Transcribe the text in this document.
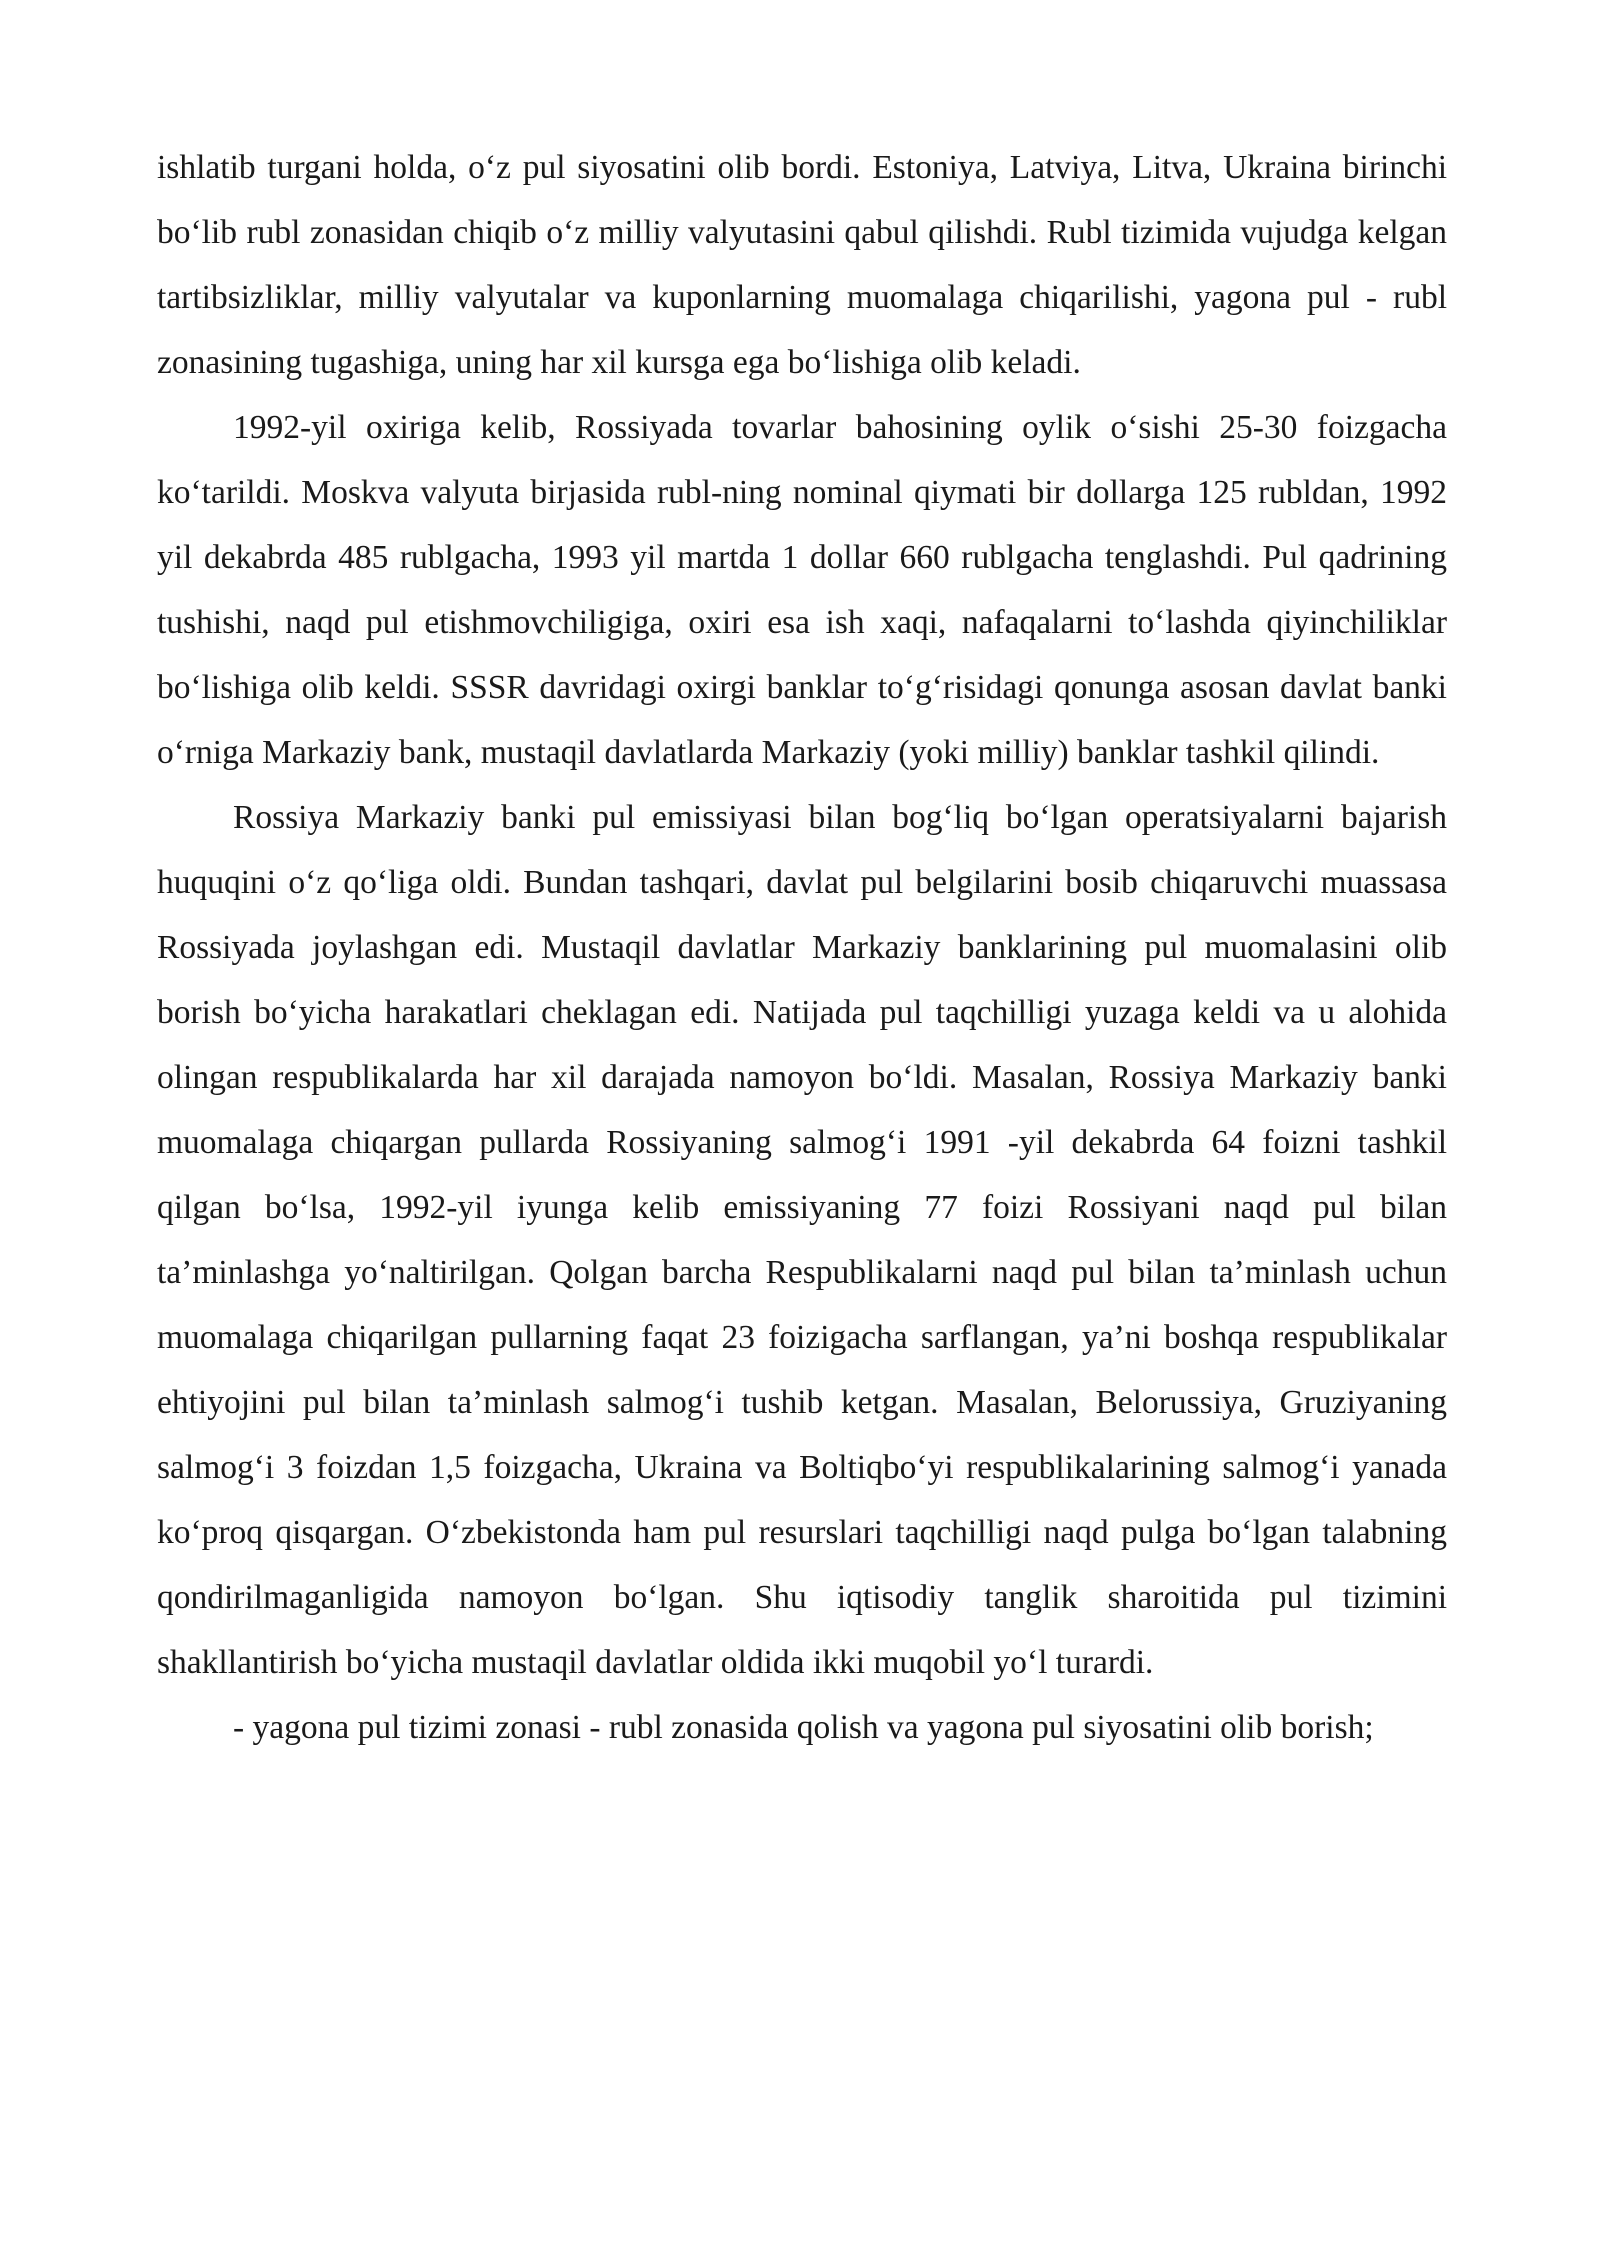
ishlatib turgani holda, o‘z pul siyosatini olib bordi. Estoniya, Latviya, Litva, Ukraina birinchi bo‘lib rubl zonasidan chiqib o‘z milliy valyutasini qabul qilishdi. Rubl tizimida vujudga kelgan tartibsizliklar, milliy valyutalar va kuponlarning muomalaga chiqarilishi, yagona pul - rubl zonasining tugashiga, uning har xil kursga ega bo‘lishiga olib keladi.

1992-yil oxiriga kelib, Rossiyada tovarlar bahosining oylik o‘sishi 25-30 foizgacha ko‘tarildi. Moskva valyuta birjasida rubl-ning nominal qiymati bir dollarga 125 rubldan, 1992 yil dekabrda 485 rublgacha, 1993 yil martda 1 dollar 660 rublgacha tenglashdi. Pul qadrining tushishi, naqd pul etishmovchiligiga, oxiri esa ish xaqi, nafaqalarni to‘lashda qiyinchiliklar bo‘lishiga olib keldi. SSSR davridagi oxirgi banklar to‘g‘risidagi qonunga asosan davlat banki o‘rniga Markaziy bank, mustaqil davlatlarda Markaziy (yoki milliy) banklar tashkil qilindi.

Rossiya Markaziy banki pul emissiyasi bilan bog‘liq bo‘lgan operatsiyalarni bajarish huquqini o‘z qo‘liga oldi. Bundan tashqari, davlat pul belgilarini bosib chiqaruvchi muassasa Rossiyada joylashgan edi. Mustaqil davlatlar Markaziy banklarining pul muomalasini olib borish bo‘yicha harakatlari cheklagan edi. Natijada pul taqchilligi yuzaga keldi va u alohida olingan respublikalarda har xil darajada namoyon bo‘ldi. Masalan, Rossiya Markaziy banki muomalaga chiqargan pullarda Rossiyaning salmog‘i 1991 -yil dekabrda 64 foizni tashkil qilgan bo‘lsa, 1992-yil iyunga kelib emissiyaning 77 foizi Rossiyani naqd pul bilan ta’minlashga yo‘naltirilgan. Qolgan barcha Respublikalarni naqd pul bilan ta’minlash uchun muomalaga chiqarilgan pullarning faqat 23 foizigacha sarflangan, ya’ni boshqa respublikalar ehtiyojini pul bilan ta’minlash salmog‘i tushib ketgan. Masalan, Belorussiya, Gruziyaning salmog‘i 3 foizdan 1,5 foizgacha, Ukraina va Boltiqbo‘yi respublikalarining salmog‘i yanada ko‘proq qisqargan. O‘zbekistonda ham pul resurslari taqchilligi naqd pulga bo‘lgan talabning qondirilmaganligida namoyon bo‘lgan. Shu iqtisodiy tanglik sharoitida pul tizimini shakllantirish bo‘yicha mustaqil davlatlar oldida ikki muqobil yo‘l turardi.

- yagona pul tizimi zonasi - rubl zonasida qolish va yagona pul siyosatini olib borish;
